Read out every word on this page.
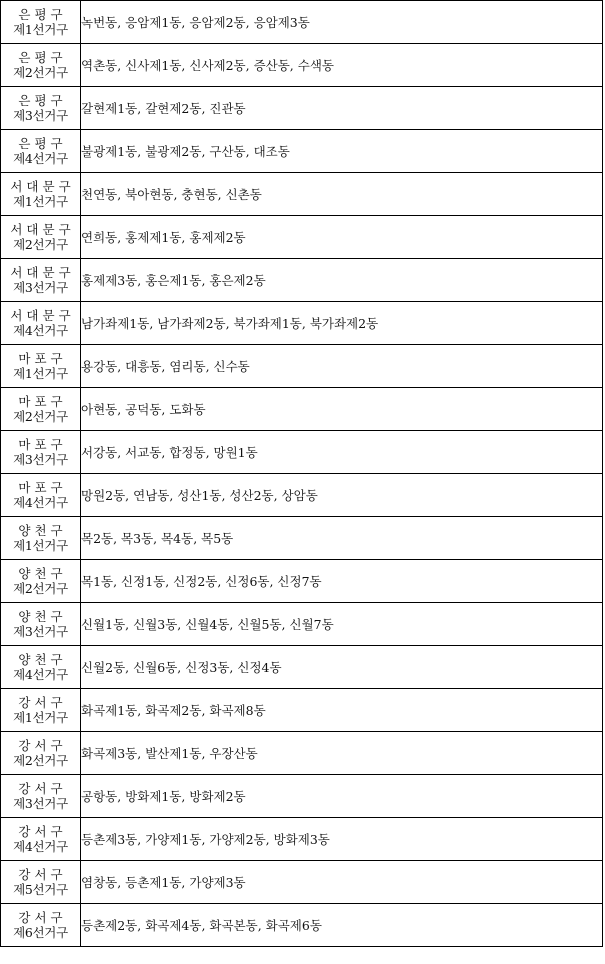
은평구
제1선거구	녹번동, 응암제1동, 응암제2동, 응암제3동

은평구
제2선거구	역촌동, 신사제1동, 신사제2동, 증산동, 수색동

은평구
제3선거구	갈현제1동, 갈현제2동, 진관동

은평구
제4선거구	불광제1동, 불광제2동, 구산동, 대조동

서대문구
제1선거구	천연동, 북아현동, 충현동, 신촌동

서대문구
제2선거구	연희동, 홍제제1동, 홍제제2동

서대문구
제3선거구	홍제제3동, 홍은제1동, 홍은제2동

서대문구
제4선거구	남가좌제1동, 남가좌제2동, 북가좌제1동, 북가좌제2동

마포구
제1선거구	용강동, 대흥동, 염리동, 신수동

마포구
제2선거구	아현동, 공덕동, 도화동

마포구
제3선거구	서강동, 서교동, 합정동, 망원1동

마포구
제4선거구	망원2동, 연남동, 성산1동, 성산2동, 상암동

양천구
제1선거구	목2동, 목3동, 목4동, 목5동

양천구
제2선거구	목1동, 신정1동, 신정2동, 신정6동, 신정7동

양천구
제3선거구	신월1동, 신월3동, 신월4동, 신월5동, 신월7동

양천구
제4선거구	신월2동, 신월6동, 신정3동, 신정4동

강서구
제1선거구	화곡제1동, 화곡제2동, 화곡제8동

강서구
제2선거구	화곡제3동, 발산제1동, 우장산동

강서구
제3선거구	공항동, 방화제1동, 방화제2동

강서구
제4선거구	등촌제3동, 가양제1동, 가양제2동, 방화제3동

강서구
제5선거구	염창동, 등촌제1동, 가양제3동

강서구
제6선거구	등촌제2동, 화곡제4동, 화곡본동, 화곡제6동
